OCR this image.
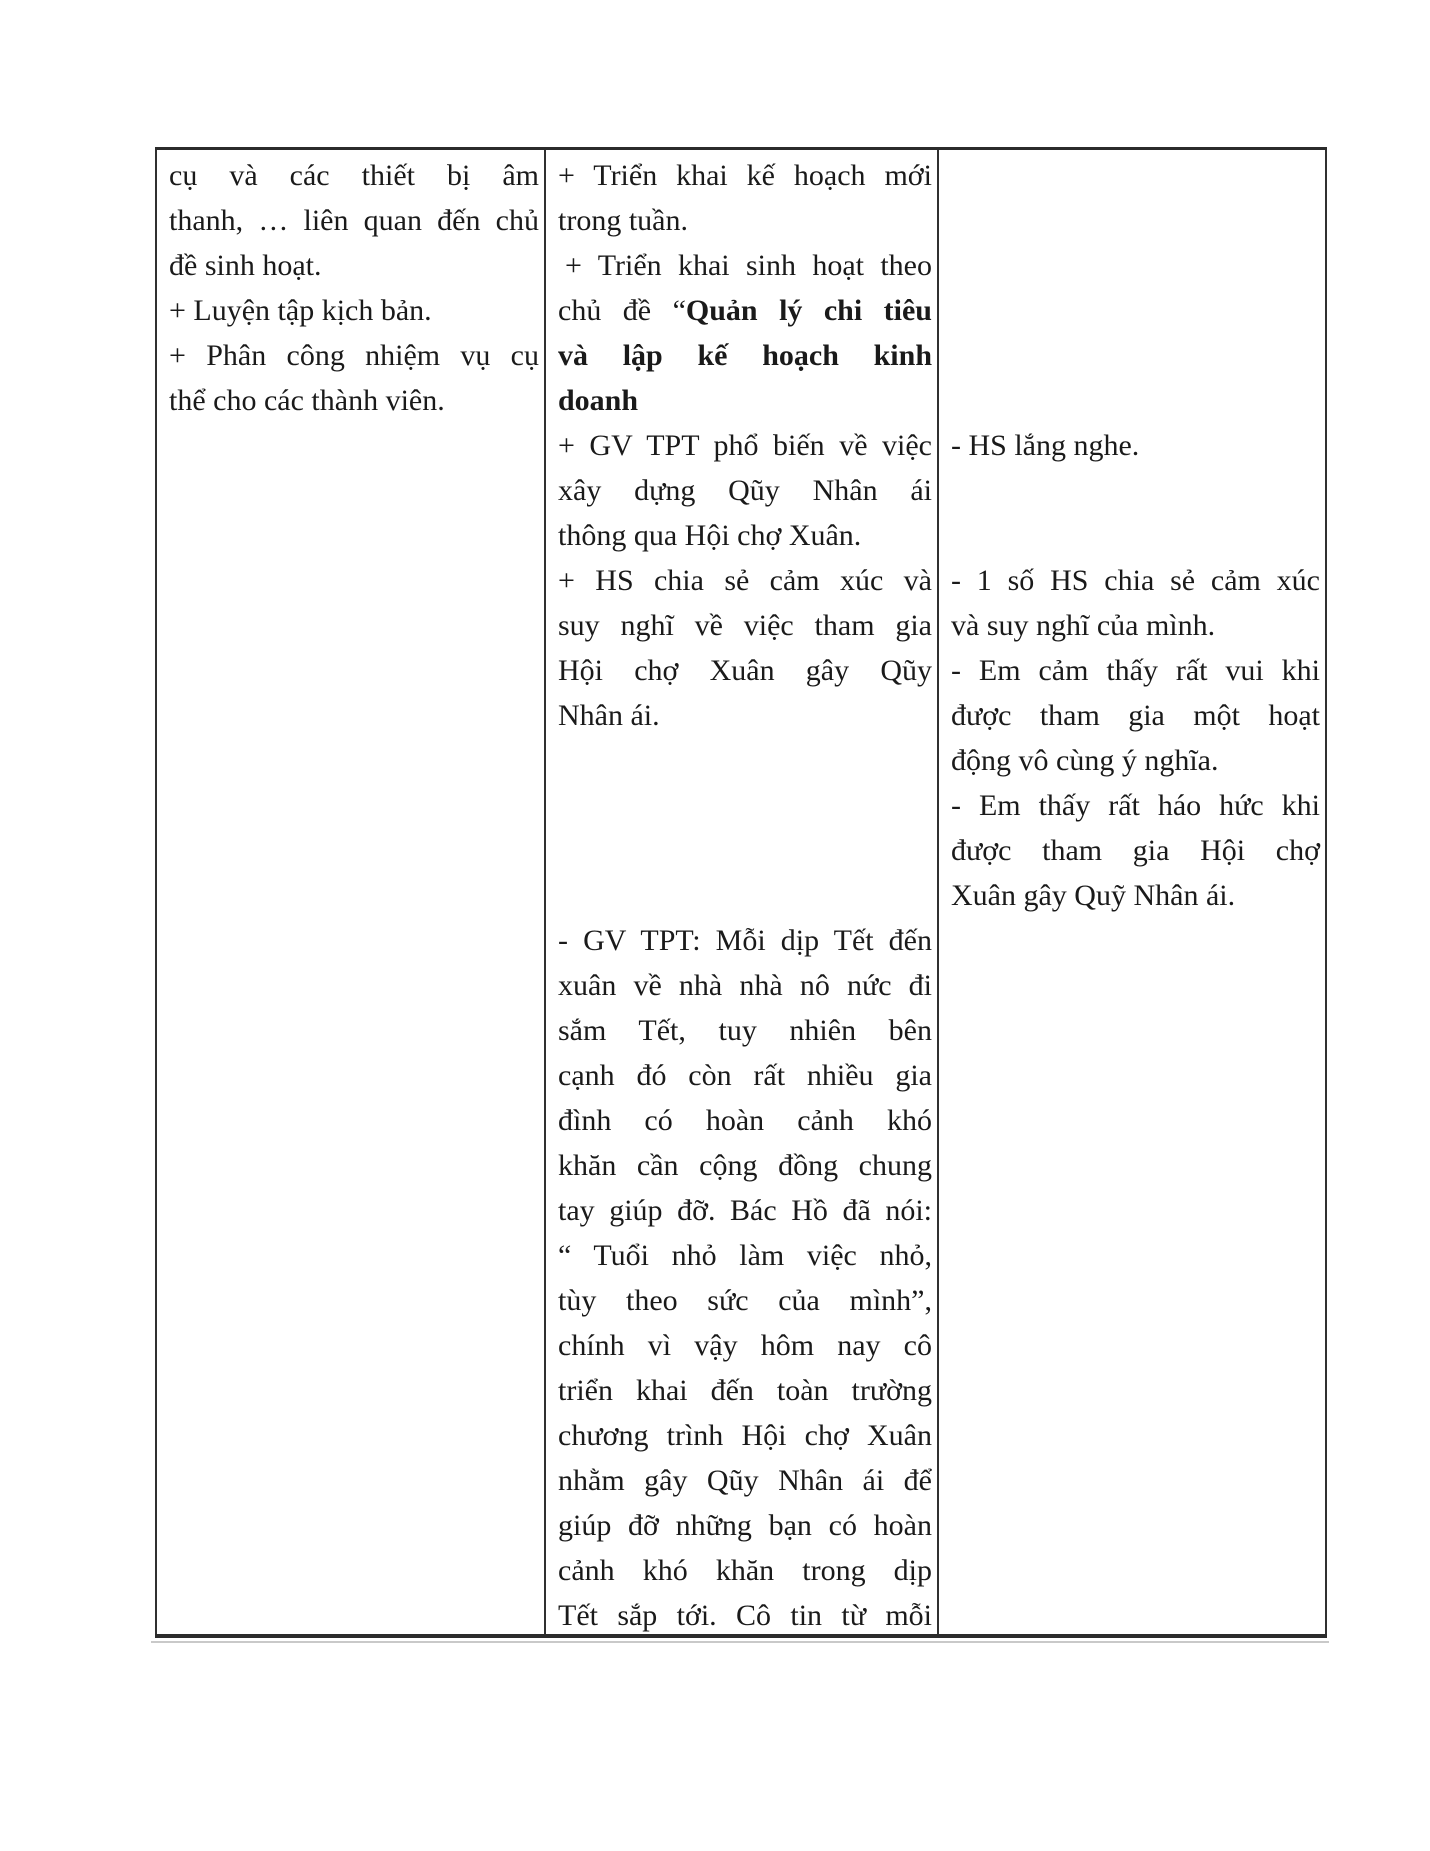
cụ và các thiết bị âm
thanh, … liên quan đến chủ
đề sinh hoạt.
+ Luyện tập kịch bản.
+ Phân công nhiệm vụ cụ
thể cho các thành viên.
+ Triển khai kế hoạch mới
trong tuần.
+ Triển khai sinh hoạt theo
chủ đề “Quản lý chi tiêu
và lập kế hoạch kinh
doanh
+ GV TPT phổ biến về việc
xây dựng Qũy Nhân ái
thông qua Hội chợ Xuân.
+ HS chia sẻ cảm xúc và
suy nghĩ về việc tham gia
Hội chợ Xuân gây Qũy
Nhân ái.
- GV TPT: Mỗi dịp Tết đến
xuân về nhà nhà nô nức đi
sắm Tết, tuy nhiên bên
cạnh đó còn rất nhiều gia
đình có hoàn cảnh khó
khăn cần cộng đồng chung
tay giúp đỡ. Bác Hồ đã nói:
“ Tuổi nhỏ làm việc nhỏ,
tùy theo sức của mình”,
chính vì vậy hôm nay cô
triển khai đến toàn trường
chương trình Hội chợ Xuân
nhằm gây Qũy Nhân ái để
giúp đỡ những bạn có hoàn
cảnh khó khăn trong dịp
Tết sắp tới. Cô tin từ mỗi
- HS lắng nghe.
- 1 số HS chia sẻ cảm xúc
và suy nghĩ của mình.
- Em cảm thấy rất vui khi
được tham gia một hoạt
động vô cùng ý nghĩa.
- Em thấy rất háo hức khi
được tham gia Hội chợ
Xuân gây Quỹ Nhân ái.
